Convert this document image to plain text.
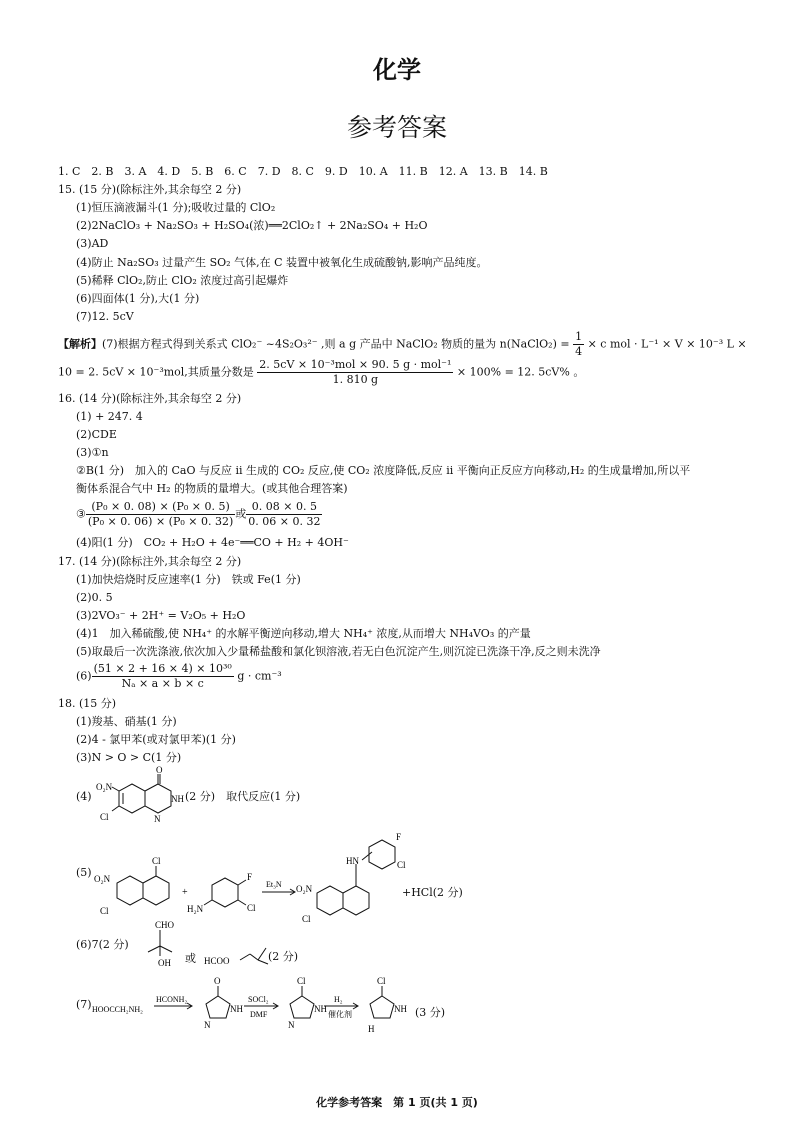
化学
参考答案
1. C　2. B　3. A　4. D　5. B　6. C　7. D　8. C　9. D　10. A　11. B　12. A　13. B　14. B
15. (15 分)(除标注外,其余每空 2 分)
(1)恒压滴液漏斗(1 分);吸收过量的 ClO₂
(2)2NaClO₃ + Na₂SO₃ + H₂SO₄(浓)══2ClO₂↑ + 2Na₂SO₄ + H₂O
(3)AD
(4)防止 Na₂SO₃ 过量产生 SO₂ 气体,在 C 装置中被氧化生成硫酸钠,影响产品纯度。
(5)稀释 ClO₂,防止 ClO₂ 浓度过高引起爆炸
(6)四面体(1 分),大(1 分)
(7)12. 5cV
【解析】(7)根据方程式得到关系式 ClO₂⁻ ~4S₂O₃²⁻ ,则 a g 产品中 NaClO₂ 物质的量为 n(NaClO₂) = $\frac{1}{4} \times c$ mol · L⁻¹ × V × 10⁻³ L ×
10 = 2. 5cV × 10⁻³mol,其质量分数是 $\frac{\text{2. 5cV × 10⁻³mol × 90. 5 g · mol⁻¹}}{1. 810 g} \times 100\% = 12$. 5cV% 。
16. (14 分)(除标注外,其余每空 2 分)
(1) + 247. 4
(2)CDE
(3)①n
②B(1 分)　加入的 CaO 与反应 ii 生成的 CO₂ 反应,使 CO₂ 浓度降低,反应 ii 平衡向正反应方向移动,H₂ 的生成量增加,所以平
衡体系混合气中 H₂ 的物质的量增大。(或其他合理答案)
③ $\frac{\text{(P₀ × 0. 08) × (P₀ × 0. 5)}}{\text{(P₀ × 0. 06) × (P₀ × 0. 32)}}$ 或 $\frac{0. 08 \times 0. 5}{0. 06 \times 0. 32}$
(4)阳(1 分)　CO₂ + H₂O + 4e⁻══CO + H₂ + 4OH⁻
17. (14 分)(除标注外,其余每空 2 分)
(1)加快焙烧时反应速率(1 分)　铁或 Fe(1 分)
(2)0. 5
(3)2VO₃⁻ + 2H⁺ = V₂O₅ + H₂O
(4)1　加入稀硫酸,使 NH₄⁺ 的水解平衡逆向移动,增大 NH₄⁺ 浓度,从而增大 NH₄VO₃ 的产量
(5)取最后一次洗涤液,依次加入少量稀盐酸和氯化钡溶液,若无白色沉淀产生,则沉淀已洗涤干净,反之则未洗净
$(6) \frac{\text{(51 × 2 + 16 × 4) × 10³⁰}}{\text{Nₐ × a × b × c}}$ g · cm⁻³
18. (15 分)
(1)羧基、硝基(1 分)
(2)4 - 氯甲苯(或对氯甲苯)(1 分)
(3)N > O > C(1 分)
(4)
O
O₂N
Cl
NH
N
(2 分)　取代反应(1 分)
(5)
Cl
O₂N
Cl
+
F
Cl
H₂N
Et₃N
HN
F
Cl
O₂N
Cl
+HCl(2 分)
(6)7(2 分)
CHO
OH 或 HCOO	(2 分)
(7) HOOCCH₂NH₂
HCONH₂
O
N
NH
SOCl₂
DMF
Cl
N
NH
H₂
催化剂
Cl
NH
H
(3 分)
化学参考答案　第 1 页(共 1 页)
